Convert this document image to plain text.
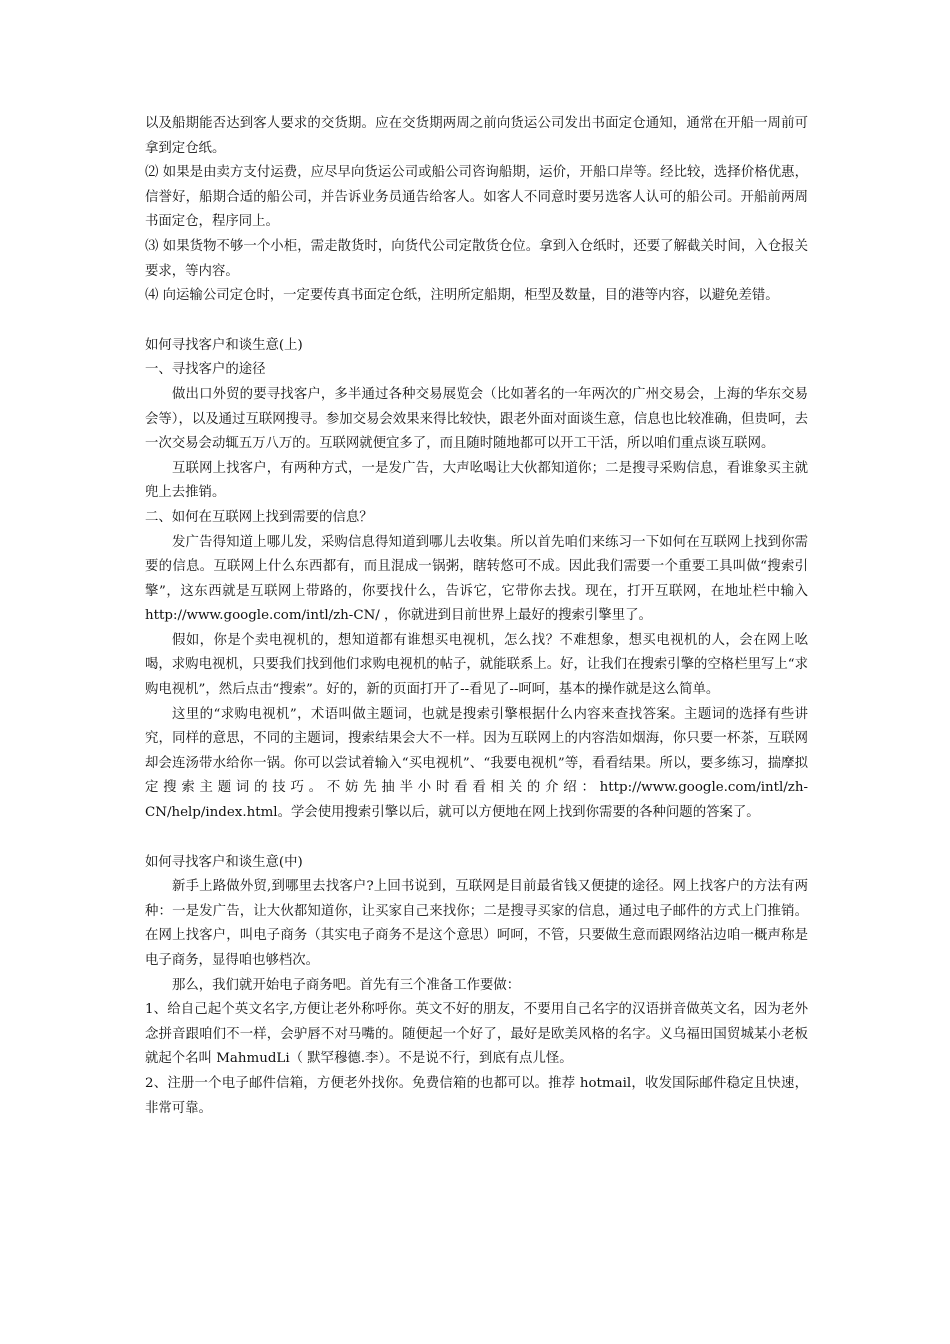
以及船期能否达到客人要求的交货期。应在交货期两周之前向货运公司发出书面定仓通知，通常在开船一周前可拿到定仓纸。

⑵ 如果是由卖方支付运费，应尽早向货运公司或船公司咨询船期，运价，开船口岸等。经比较，选择价格优惠，信誉好，船期合适的船公司，并告诉业务员通告给客人。如客人不同意时要另选客人认可的船公司。开船前两周书面定仓，程序同上。

⑶ 如果货物不够一个小柜，需走散货时，向货代公司定散货仓位。拿到入仓纸时，还要了解截关时间，入仓报关要求，等内容。

⑷ 向运输公司定仓时，一定要传真书面定仓纸，注明所定船期，柜型及数量，目的港等内容，以避免差错。

如何寻找客户和谈生意(上)

一、寻找客户的途径

做出口外贸的要寻找客户，多半通过各种交易展览会（比如著名的一年两次的广州交易会，上海的华东交易会等），以及通过互联网搜寻。参加交易会效果来得比较快，跟老外面对面谈生意，信息也比较准确，但贵呵，去一次交易会动辄五万八万的。互联网就便宜多了，而且随时随地都可以开工干活，所以咱们重点谈互联网。

互联网上找客户，有两种方式，一是发广告，大声吆喝让大伙都知道你；二是搜寻采购信息，看谁象买主就兜上去推销。

二、如何在互联网上找到需要的信息？

发广告得知道上哪儿发，采购信息得知道到哪儿去收集。所以首先咱们来练习一下如何在互联网上找到你需要的信息。互联网上什么东西都有，而且混成一锅粥，瞎转悠可不成。因此我们需要一个重要工具叫做“搜索引擎”，这东西就是互联网上带路的，你要找什么，告诉它，它带你去找。现在，打开互联网，在地址栏中输入 http://www.google.com/intl/zh-CN/ ，你就进到目前世界上最好的搜索引擎里了。

假如，你是个卖电视机的，想知道都有谁想买电视机，怎么找？不难想象，想买电视机的人，会在网上吆喝，求购电视机，只要我们找到他们求购电视机的帖子，就能联系上。好，让我们在搜索引擎的空格栏里写上“求购电视机”，然后点击“搜索”。好的，新的页面打开了--看见了--呵呵，基本的操作就是这么简单。

这里的“求购电视机”，术语叫做主题词，也就是搜索引擎根据什么内容来查找答案。主题词的选择有些讲究，同样的意思，不同的主题词，搜索结果会大不一样。因为互联网上的内容浩如烟海，你只要一杯茶，互联网却会连汤带水给你一锅。你可以尝试着输入“买电视机”、“我要电视机”等，看看结果。所以，要多练习，揣摩拟定搜索主题词的技巧。不妨先抽半小时看看相关的介绍：http://www.google.com/intl/zh-CN/help/index.html。学会使用搜索引擎以后，就可以方便地在网上找到你需要的各种问题的答案了。

如何寻找客户和谈生意(中)

新手上路做外贸,到哪里去找客户?上回书说到，互联网是目前最省钱又便捷的途径。网上找客户的方法有两种：一是发广告，让大伙都知道你，让买家自己来找你；二是搜寻买家的信息，通过电子邮件的方式上门推销。在网上找客户，叫电子商务（其实电子商务不是这个意思）呵呵，不管，只要做生意而跟网络沾边咱一概声称是电子商务，显得咱也够档次。

那么，我们就开始电子商务吧。首先有三个准备工作要做：

1、给自己起个英文名字,方便让老外称呼你。英文不好的朋友，不要用自己名字的汉语拼音做英文名，因为老外念拼音跟咱们不一样，会驴唇不对马嘴的。随便起一个好了，最好是欧美风格的名字。义乌福田国贸城某小老板就起个名叫 MahmudLi（ 默罕穆德.李）。不是说不行，到底有点儿怪。

2、注册一个电子邮件信箱，方便老外找你。免费信箱的也都可以。推荐 hotmail，收发国际邮件稳定且快速，非常可靠。
